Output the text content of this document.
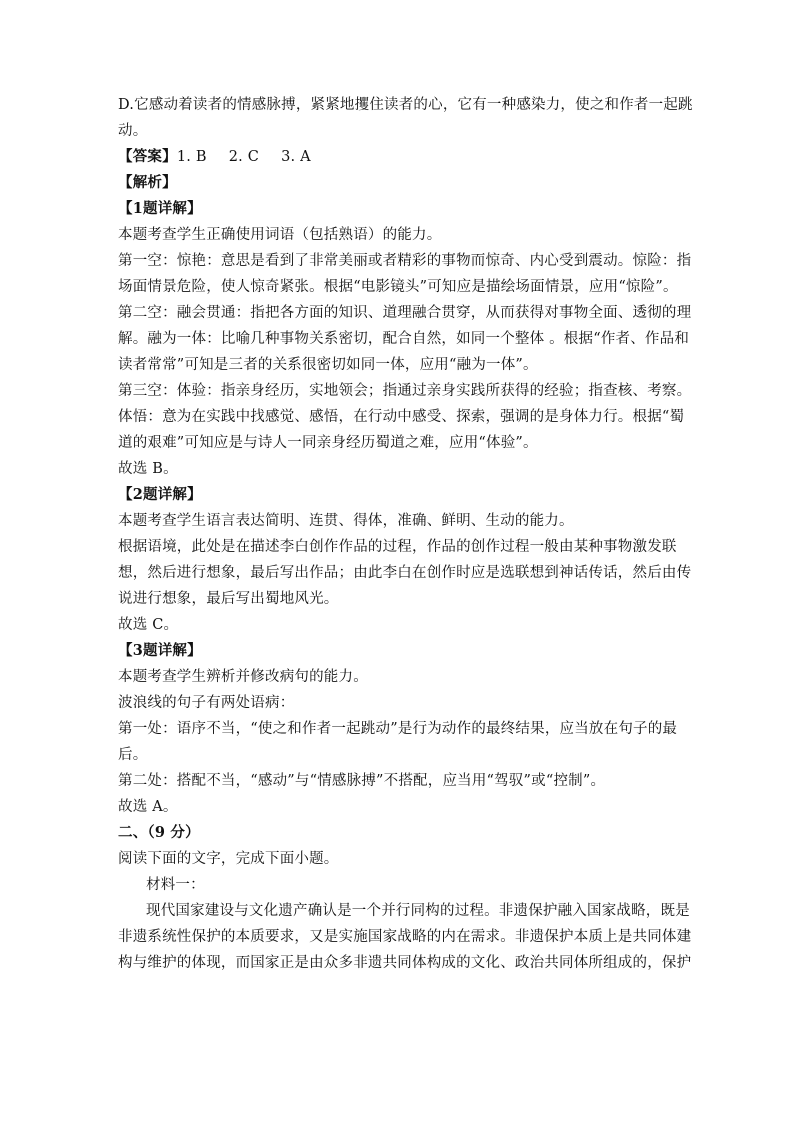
D.它感动着读者的情感脉搏，紧紧地攫住读者的心，它有一种感染力，使之和作者一起跳
动。
【答案】1. B 2. C 3. A
【解析】
【1题详解】
本题考查学生正确使用词语（包括熟语）的能力。
第一空：惊艳：意思是看到了非常美丽或者精彩的事物而惊奇、内心受到震动。惊险：指
场面情景危险，使人惊奇紧张。根据“电影镜头”可知应是描绘场面情景，应用“惊险”。
第二空：融会贯通：指把各方面的知识、道理融合贯穿，从而获得对事物全面、透彻的理
解。融为一体：比喻几种事物关系密切，配合自然，如同一个整体 。根据“作者、作品和
读者常常”可知是三者的关系很密切如同一体，应用“融为一体”。
第三空：体验：指亲身经历，实地领会；指通过亲身实践所获得的经验；指查核、考察。
体悟：意为在实践中找感觉、感悟，在行动中感受、探索，强调的是身体力行。根据“蜀
道的艰难”可知应是与诗人一同亲身经历蜀道之难，应用“体验”。
故选 B。
【2题详解】
本题考查学生语言表达简明、连贯、得体，准确、鲜明、生动的能力。
根据语境，此处是在描述李白创作作品的过程，作品的创作过程一般由某种事物激发联
想，然后进行想象，最后写出作品；由此李白在创作时应是选联想到神话传话，然后由传
说进行想象，最后写出蜀地风光。
故选 C。
【3题详解】
本题考查学生辨析并修改病句的能力。
波浪线的句子有两处语病：
第一处：语序不当，“使之和作者一起跳动”是行为动作的最终结果，应当放在句子的最
后。
第二处：搭配不当，“感动”与“情感脉搏”不搭配，应当用“驾驭”或“控制”。
故选 A。
二、（9 分）
阅读下面的文字，完成下面小题。
材料一：
现代国家建设与文化遗产确认是一个并行同构的过程。非遗保护融入国家战略，既是
非遗系统性保护的本质要求，又是实施国家战略的内在需求。非遗保护本质上是共同体建
构与维护的体现，而国家正是由众多非遗共同体构成的文化、政治共同体所组成的，保护
